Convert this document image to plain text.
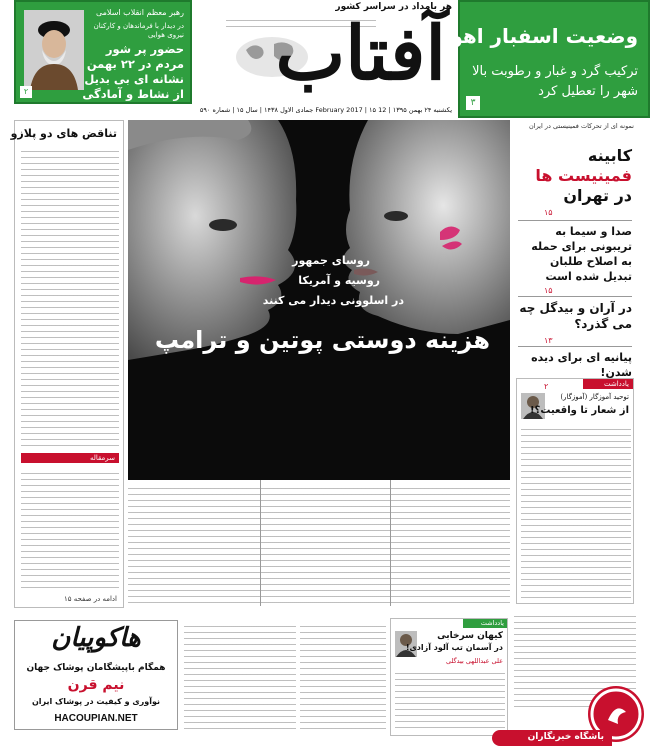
وضعیت اسفبار اهواز
ترکیب گرد و غبار و رطوبت بالا
شهر را تعطیل کرد
۳
هر بامداد در سراسر کشور
آفتاب
رهبر معظم انقلاب اسلامی
در دیدار با فرماندهان و کارکنان نیروی هوایی
حضور پر شور مردم در ۲۲ بهمن نشانه ای بی بدیل از نشاط و آمادگی ملت
۲
یکشنبه ۲۴ بهمن ۱۳۹۵ | 12 February 2017 | ۱۵ جمادی الاول ۱۴۳۸ | سال ۱۵ | شماره ۵۹۰
تناقض های دو پلازو
سرمقاله
ادامه در صفحه ۱۵
روسای جمهور
روسیه و آمریکا
در اسلوونی دیدار می کنند
هزینه دوستی پوتین و ترامپ
نمونه ای از تحرکات فمینیستی در ایران
کابینه
فمینیست ها
در تهران
۱۵
صدا و سیما به تریبونی برای حمله به اصلاح طلبان تبدیل شده است
۱۵
در آران و بیدگل چه می گذرد؟
۱۳
پیانیه ای برای دیده شدن!
۲	یادداشت
توحید آموزگار (آموزگار)
از شعار تا واقعیت؟!
هاکوپیان
همگام باپیشگامان پوشاک جهان
نیم قرن
نوآوری و کیفیت در پوشاک ایران
HACOUPIAN.NET
یادداشت
کیهان سرخابی
در آسمان تب آلود آزادی!
علی عبداللهی بیدگلی
باشگاه خبرنگاران
